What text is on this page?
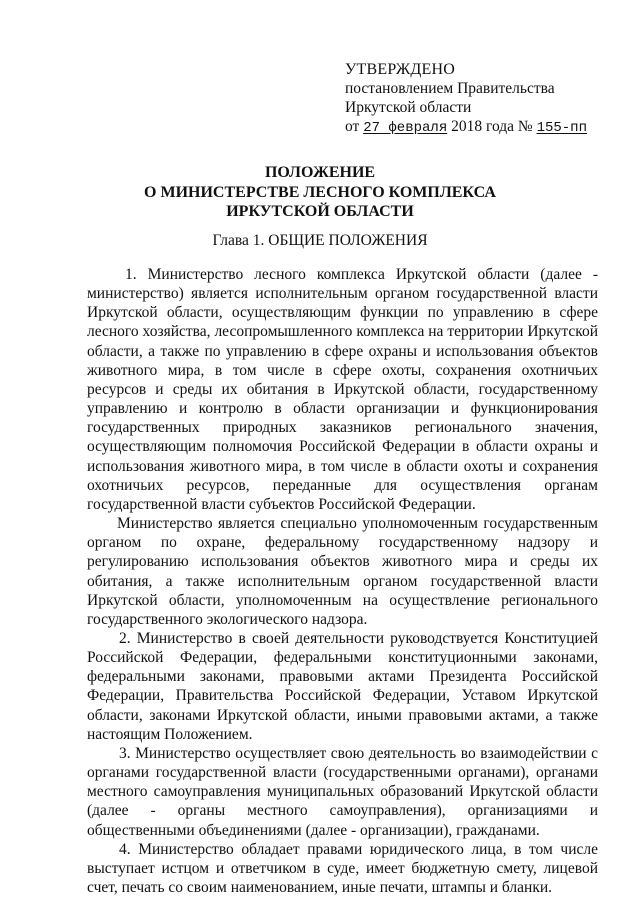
УТВЕРЖДЕНО
постановлением Правительства
Иркутской области
от 27 февраля 2018 года № 155-пп
ПОЛОЖЕНИЕ
О МИНИСТЕРСТВЕ ЛЕСНОГО КОМПЛЕКСА
ИРКУТСКОЙ ОБЛАСТИ
Глава 1. ОБЩИЕ ПОЛОЖЕНИЯ

1. Министерство лесного комплекса Иркутской области (далее - министерство) является исполнительным органом государственной власти Иркутской области, осуществляющим функции по управлению в сфере лесного хозяйства, лесопромышленного комплекса на территории Иркутской области, а также по управлению в сфере охраны и использования объектов животного мира, в том числе в сфере охоты, сохранения охотничьих ресурсов и среды их обитания в Иркутской области, государственному управлению и контролю в области организации и функционирования государственных природных заказников регионального значения, осуществляющим полномочия Российской Федерации в области охраны и использования животного мира, в том числе в области охоты и сохранения охотничьих ресурсов, переданные для осуществления органам государственной власти субъектов Российской Федерации.

Министерство является специально уполномоченным государственным органом по охране, федеральному государственному надзору и регулированию использования объектов животного мира и среды их обитания, а также исполнительным органом государственной власти Иркутской области, уполномоченным на осуществление регионального государственного экологического надзора.

2. Министерство в своей деятельности руководствуется Конституцией Российской Федерации, федеральными конституционными законами, федеральными законами, правовыми актами Президента Российской Федерации, Правительства Российской Федерации, Уставом Иркутской области, законами Иркутской области, иными правовыми актами, а также настоящим Положением.

3. Министерство осуществляет свою деятельность во взаимодействии с органами государственной власти (государственными органами), органами местного самоуправления муниципальных образований Иркутской области (далее - органы местного самоуправления), организациями и общественными объединениями (далее - организации), гражданами.

4. Министерство обладает правами юридического лица, в том числе выступает истцом и ответчиком в суде, имеет бюджетную смету, лицевой счет, печать со своим наименованием, иные печати, штампы и бланки.
